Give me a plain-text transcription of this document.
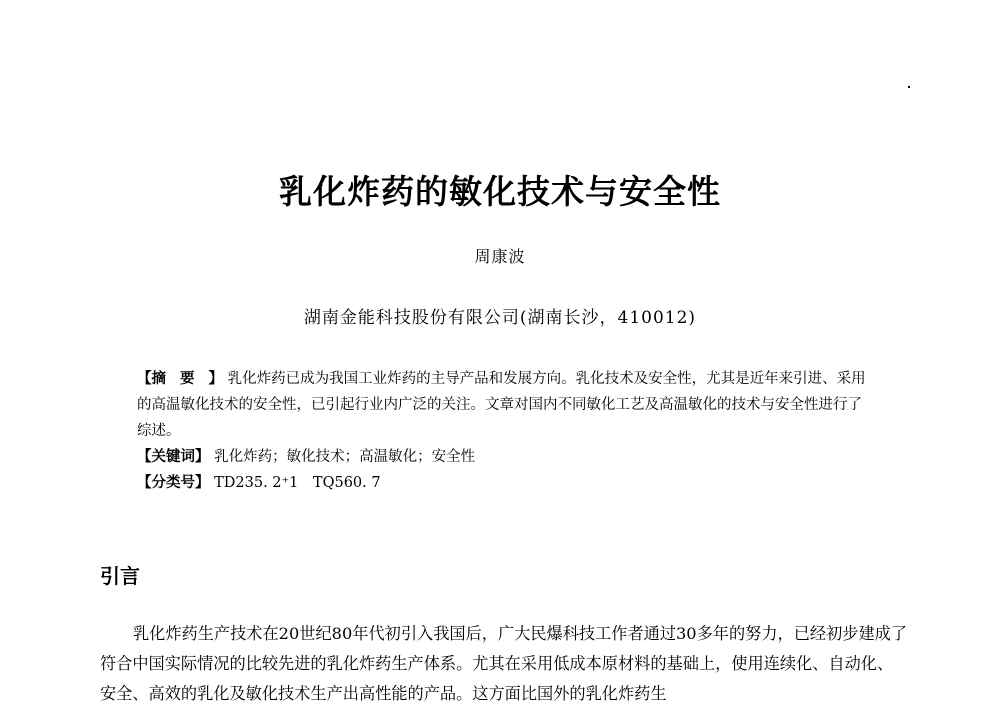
乳化炸药的敏化技术与安全性
周康波
湖南金能科技股份有限公司(湖南长沙，410012)

【摘要】 乳化炸药已成为我国工业炸药的主导产品和发展方向。乳化技术及安全性，尤其是近年来引进、采用的高温敏化技术的安全性，已引起行业内广泛的关注。文章对国内不同敏化工艺及高温敏化的技术与安全性进行了综述。

【关键词】 乳化炸药；敏化技术；高温敏化；安全性

【分类号】 TD235. 2⁺1　TQ560. 7

引言

乳化炸药生产技术在20世纪80年代初引入我国后，广大民爆科技工作者通过30多年的努力，已经初步建成了符合中国实际情况的比较先进的乳化炸药生产体系。尤其在采用低成本原材料的基础上，使用连续化、自动化、安全、高效的乳化及敏化技术生产出高性能的产品。这方面比国外的乳化炸药生
